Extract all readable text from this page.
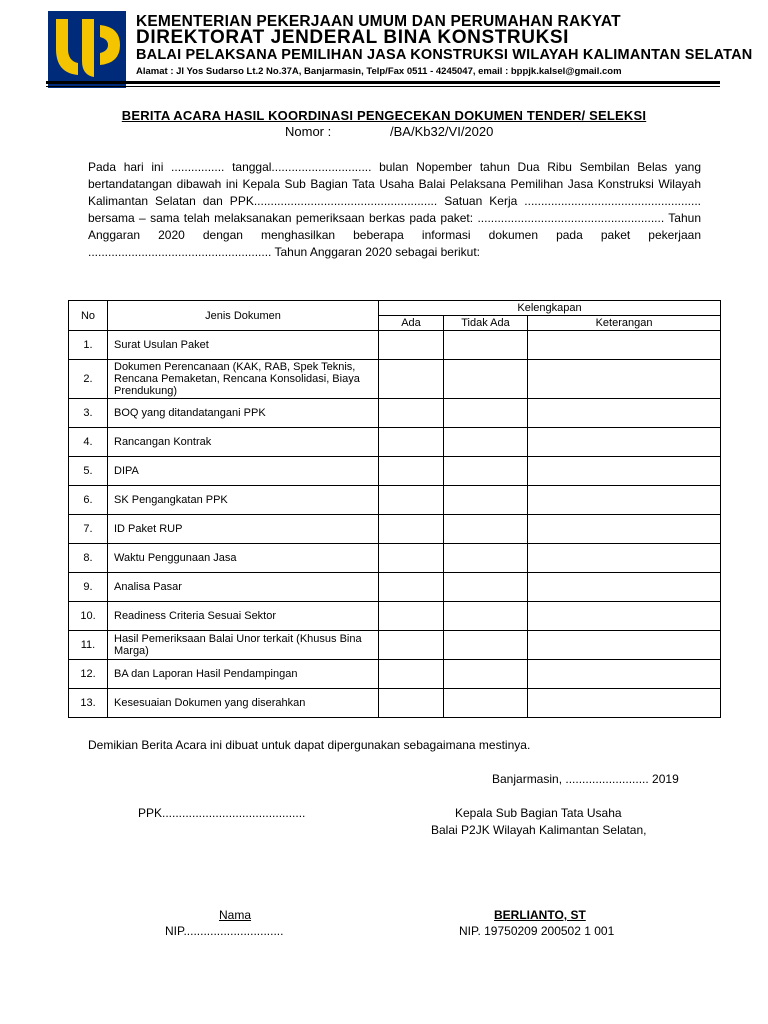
KEMENTERIAN PEKERJAAN UMUM DAN PERUMAHAN RAKYAT
DIREKTORAT JENDERAL BINA KONSTRUKSI
BALAI PELAKSANA PEMILIHAN JASA KONSTRUKSI WILAYAH KALIMANTAN SELATAN
Alamat : Jl Yos Sudarso Lt.2 No.37A, Banjarmasin, Telp/Fax 0511 - 4245047, email : bppjk.kalsel@gmail.com
BERITA ACARA HASIL KOORDINASI PENGECEKAN DOKUMEN TENDER/ SELEKSI
Nomor :	/BA/Kb32/VI/2020
Pada hari ini ................ tanggal.............................. bulan Nopember tahun Dua Ribu Sembilan Belas yang bertandatangan dibawah ini Kepala Sub Bagian Tata Usaha Balai Pelaksana Pemilihan Jasa Konstruksi Wilayah Kalimantan Selatan dan PPK....................................................... Satuan Kerja ..................................................... bersama – sama telah melaksanakan pemeriksaan berkas pada paket: ........................................................ Tahun Anggaran 2020 dengan menghasilkan beberapa informasi dokumen pada paket pekerjaan ....................................................... Tahun Anggaran 2020 sebagai berikut:
No	Jenis Dokumen	Kelengkapan		
		Ada	Tidak Ada	Keterangan
1.	Surat Usulan Paket			
2.	Dokumen Perencanaan (KAK, RAB, Spek Teknis, Rencana Pemaketan, Rencana Konsolidasi, Biaya Prendukung)			
3.	BOQ yang ditandatangani PPK			
4.	Rancangan Kontrak			
5.	DIPA			
6.	SK Pengangkatan PPK			
7.	ID Paket RUP			
8.	Waktu Penggunaan Jasa			
9.	Analisa Pasar			
10.	Readiness Criteria Sesuai Sektor			
11.	Hasil Pemeriksaan Balai Unor terkait (Khusus Bina Marga)			
12.	BA dan Laporan Hasil Pendampingan			
13.	Kesesuaian Dokumen yang diserahkan			
Demikian Berita Acara ini dibuat untuk dapat dipergunakan sebagaimana mestinya.
Banjarmasin, ......................... 2019
PPK...........................................	Kepala Sub Bagian Tata Usaha
Balai P2JK Wilayah Kalimantan Selatan,
Nama
NIP..............................
BERLIANTO, ST
NIP. 19750209 200502 1 001
